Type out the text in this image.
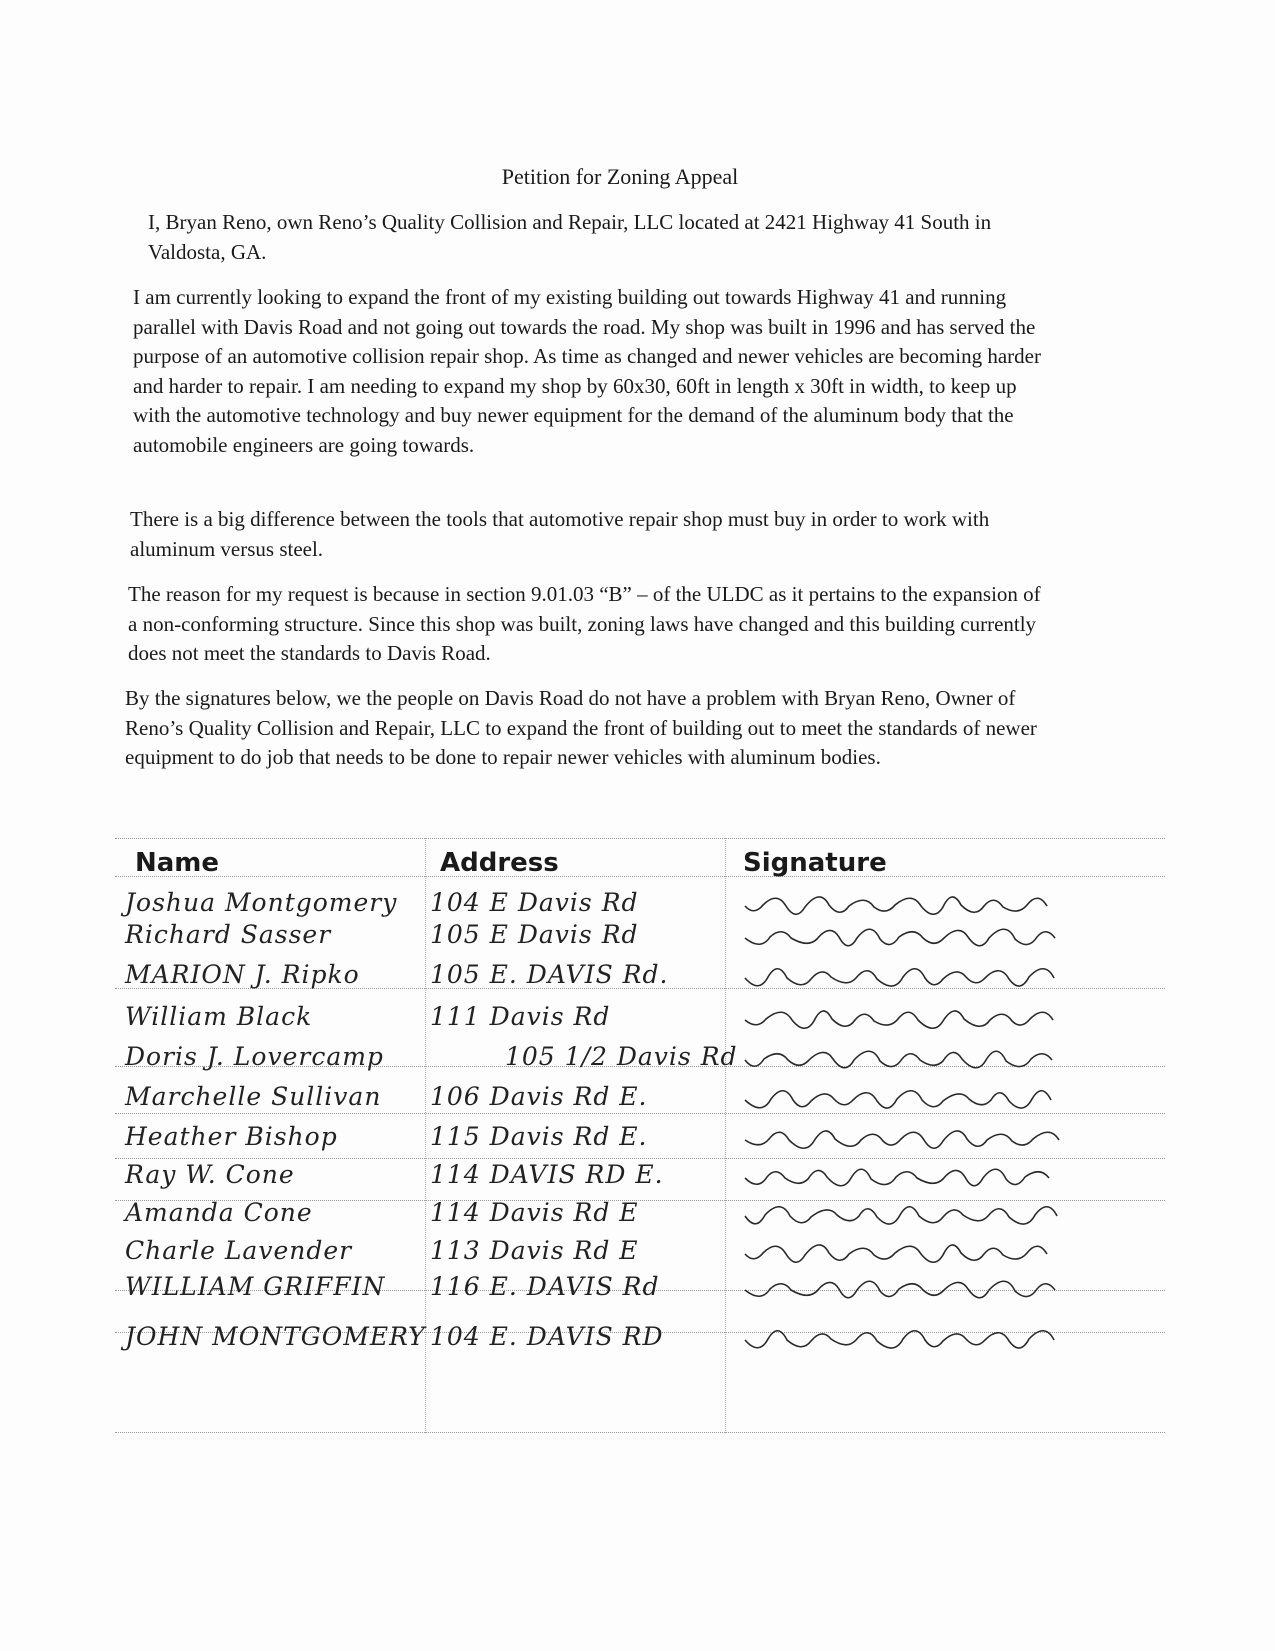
Petition for Zoning Appeal

I, Bryan Reno, own Reno’s Quality Collision and Repair, LLC located at 2421 Highway 41 South in Valdosta, GA.

I am currently looking to expand the front of my existing building out towards Highway 41 and running parallel with Davis Road and not going out towards the road. My shop was built in 1996 and has served the purpose of an automotive collision repair shop. As time as changed and newer vehicles are becoming harder and harder to repair. I am needing to expand my shop by 60x30, 60ft in length x 30ft in width, to keep up with the automotive technology and buy newer equipment for the demand of the aluminum body that the automobile engineers are going towards.

There is a big difference between the tools that automotive repair shop must buy in order to work with aluminum versus steel.

The reason for my request is because in section 9.01.03 “B” – of the ULDC as it pertains to the expansion of a non-conforming structure. Since this shop was built, zoning laws have changed and this building currently does not meet the standards to Davis Road.

By the signatures below, we the people on Davis Road do not have a problem with Bryan Reno, Owner of Reno’s Quality Collision and Repair, LLC to expand the front of building out to meet the standards of newer equipment to do job that needs to be done to repair newer vehicles with aluminum bodies.

Name	Address	Signature
Joshua Montgomery 104 E Davis Rd
Richard Sasser	105 E Davis Rd
MARION J. Ripko	105 E. DAVIS Rd.
William Black	111 Davis Rd
Doris J. Lovercamp	105 1/2 Davis Rd
Marchelle Sullivan 106 Davis Rd E.
Heather Bishop	115 Davis Rd E.
Ray W. Cone	114 DAVIS RD E.
Amanda Cone	114 Davis Rd E
Charle Lavender	113 Davis Rd E
WILLIAM GRIFFIN 116 E. DAVIS Rd
JOHN MONTGOMERY 104 E. DAVIS RD
